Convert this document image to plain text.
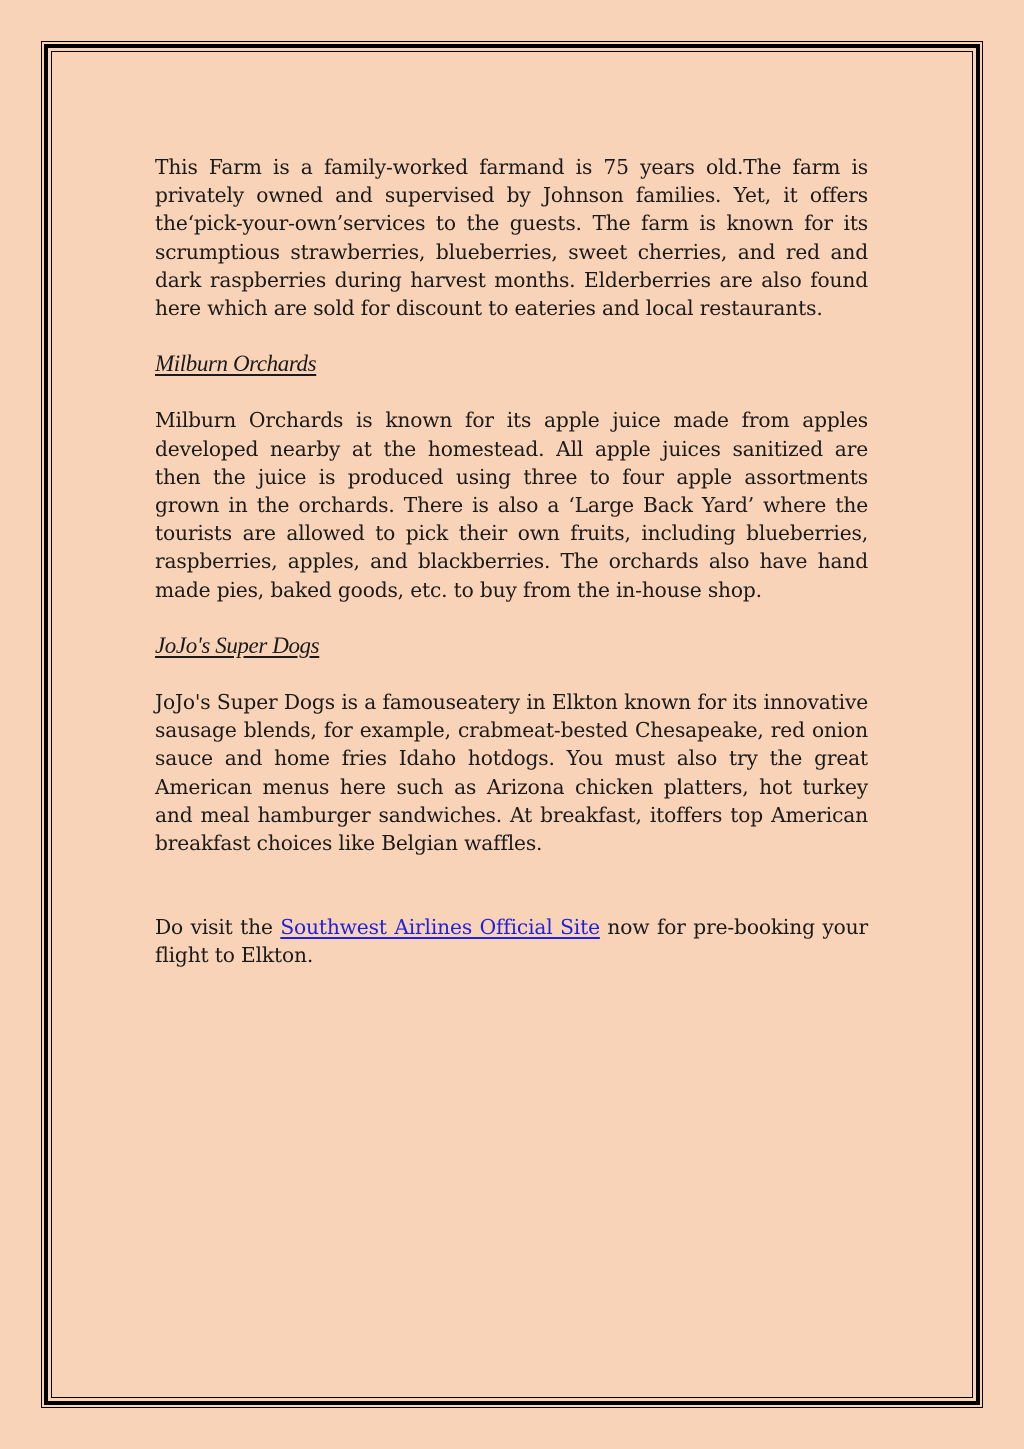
This Farm is a family-worked farmand is 75 years old.The farm is privately owned and supervised by Johnson families. Yet, it offers the‘pick-your-own’services to the guests. The farm is known for its scrumptious strawberries, blueberries, sweet cherries, and red and dark raspberries during harvest months. Elderberries are also found here which are sold for discount to eateries and local restaurants.

Milburn Orchards

Milburn Orchards is known for its apple juice made from apples developed nearby at the homestead. All apple juices sanitized are then the juice is produced using three to four apple assortments grown in the orchards. There is also a ‘Large Back Yard’ where the tourists are allowed to pick their own fruits, including blueberries, raspberries, apples, and blackberries. The orchards also have hand made pies, baked goods, etc. to buy from the in-house shop.

JoJo's Super Dogs

JoJo's Super Dogs is a famouseatery in Elkton known for its innovative sausage blends, for example, crabmeat-bested Chesapeake, red onion sauce and home fries Idaho hotdogs. You must also try the great American menus here such as Arizona chicken platters, hot turkey and meal hamburger sandwiches. At breakfast, itoffers top American breakfast choices like Belgian waffles.

Do visit the Southwest Airlines Official Site now for pre-booking your flight to Elkton.
